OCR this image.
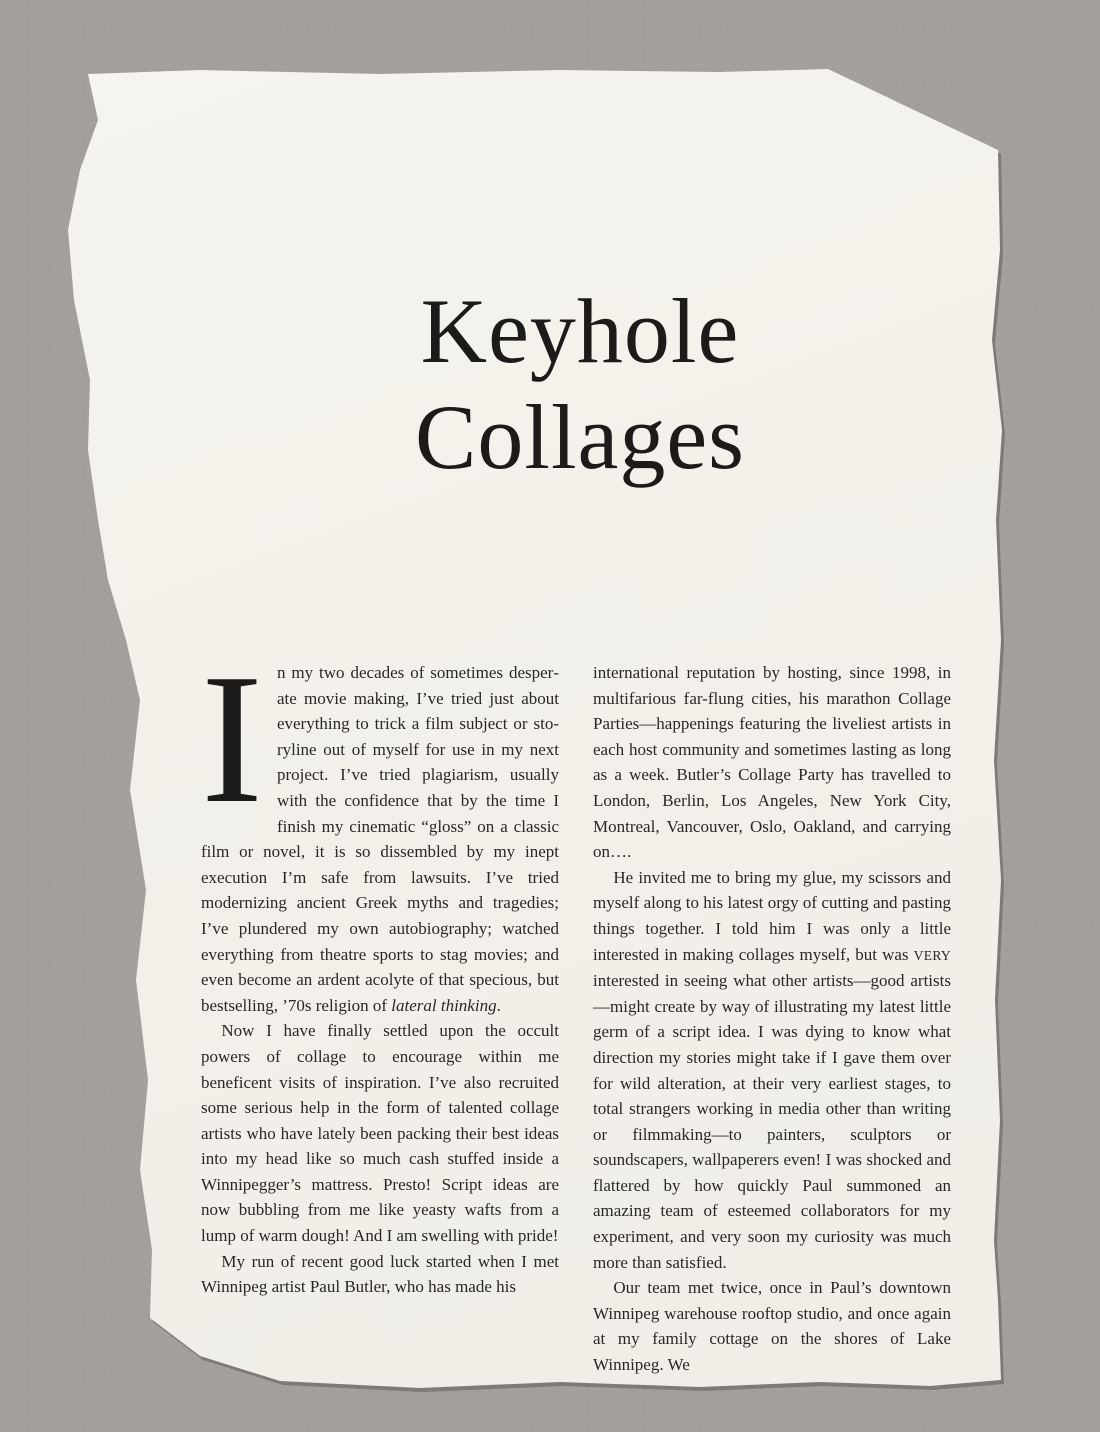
Keyhole
Collages

In my two decades of sometimes desperate movie making, I’ve tried just about everything to trick a film subject or storyline out of myself for use in my next project. I’ve tried plagiarism, usually with the confidence that by the time I finish my cinematic “gloss” on a classic film or novel, it is so dissembled by my inept execution I’m safe from lawsuits. I’ve tried modernizing ancient Greek myths and tragedies; I’ve plundered my own autobiography; watched everything from theatre sports to stag movies; and even become an ardent acolyte of that specious, but bestselling, ’70s religion of lateral thinking.

Now I have finally settled upon the occult powers of collage to encourage within me beneficent visits of inspiration. I’ve also recruited some serious help in the form of talented collage artists who have lately been packing their best ideas into my head like so much cash stuffed inside a Winnipegger’s mattress. Presto! Script ideas are now bubbling from me like yeasty wafts from a lump of warm dough! And I am swelling with pride!

My run of recent good luck started when I met Winnipeg artist Paul Butler, who has made his

international reputation by hosting, since 1998, in multifarious far-flung cities, his marathon Collage Parties—happenings featuring the liveliest artists in each host community and sometimes lasting as long as a week. Butler’s Collage Party has travelled to London, Berlin, Los Angeles, New York City, Montreal, Vancouver, Oslo, Oakland, and carrying on….

He invited me to bring my glue, my scissors and myself along to his latest orgy of cutting and pasting things together. I told him I was only a little interested in making collages myself, but was VERY interested in seeing what other artists—good artists—might create by way of illustrating my latest little germ of a script idea. I was dying to know what direction my stories might take if I gave them over for wild alteration, at their very earliest stages, to total strangers working in media other than writing or filmmaking—to painters, sculptors or soundscapers, wallpaperers even! I was shocked and flattered by how quickly Paul summoned an amazing team of esteemed collaborators for my experiment, and very soon my curiosity was much more than satisfied.

Our team met twice, once in Paul’s downtown Winnipeg warehouse rooftop studio, and once again at my family cottage on the shores of Lake Winnipeg. We
